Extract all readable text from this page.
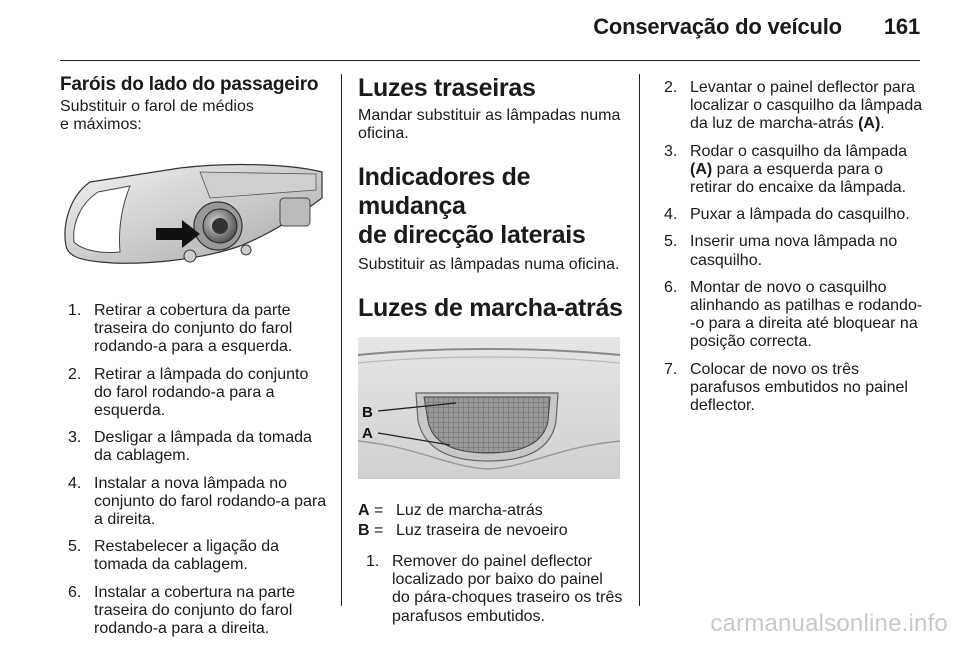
Conservação do veículo 161
Faróis do lado do passageiro

Substituir o farol de médios

e máximos:

1. Retirar a cobertura da parte traseira do conjunto do farol rodando-a para a esquerda.
2. Retirar a lâmpada do conjunto do farol rodando-a para a esquerda.
3. Desligar a lâmpada da tomada da cablagem.
4. Instalar a nova lâmpada no conjunto do farol rodando-a para a direita.
5. Restabelecer a ligação da tomada da cablagem.
6. Instalar a cobertura na parte traseira do conjunto do farol rodando-a para a direita.
Luzes traseiras

Mandar substituir as lâmpadas numa oficina.

Indicadores de mudança
de direcção laterais

Substituir as lâmpadas numa oficina.

Luzes de marcha-atrás
B
A
A = Luz de marcha-atrás
B = Luz traseira de nevoeiro
1. Remover do painel deflector localizado por baixo do painel do pára-choques traseiro os três parafusos embutidos.
2. Levantar o painel deflector para localizar o casquilho da lâmpada da luz de marcha-atrás (A).
3. Rodar o casquilho da lâmpada (A) para a esquerda para o retirar do encaixe da lâmpada.
4. Puxar a lâmpada do casquilho.
5. Inserir uma nova lâmpada no casquilho.
6. Montar de novo o casquilho alinhando as patilhas e rodando--o para a direita até bloquear na posição correcta.
7. Colocar de novo os três parafusos embutidos no painel deflector.
carmanualsonline.info
